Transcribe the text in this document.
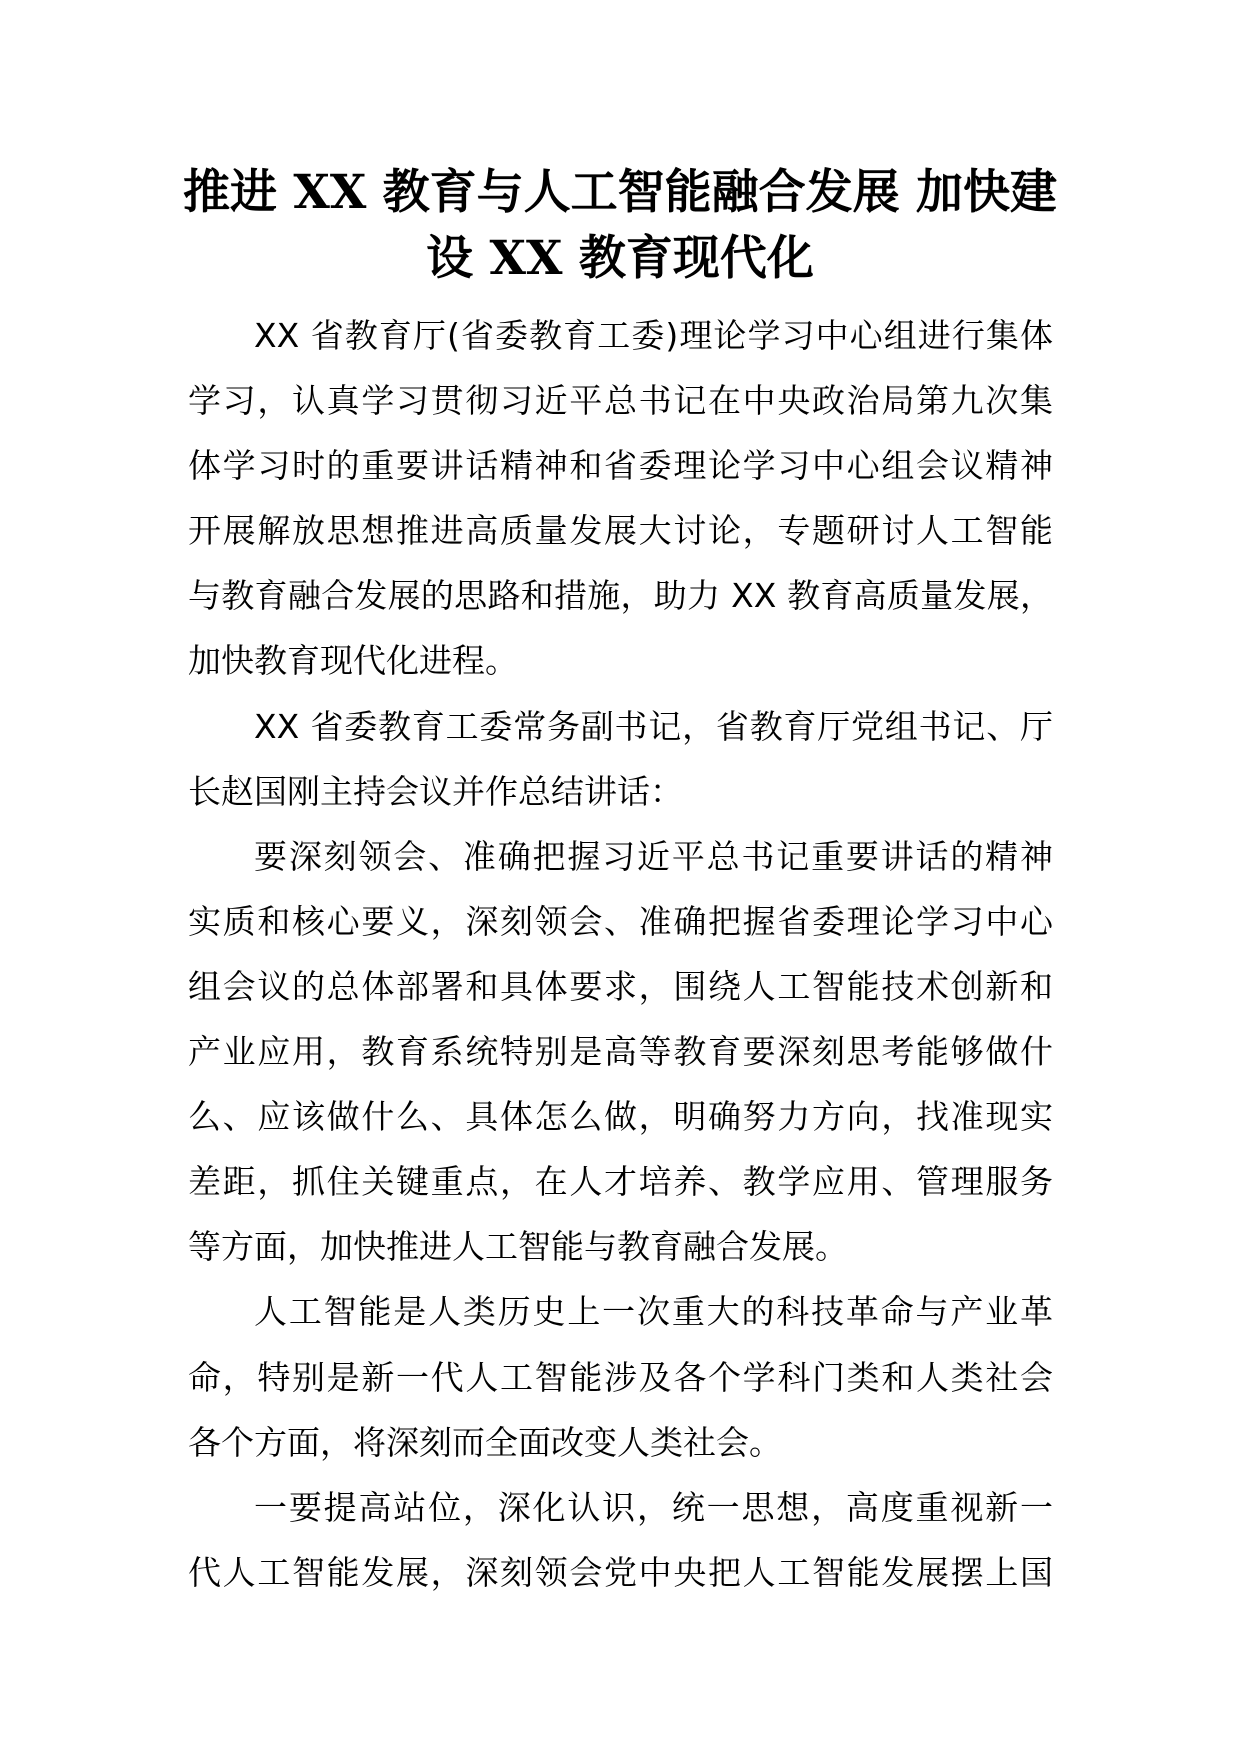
推进 XX 教育与人工智能融合发展 加快建
设 XX 教育现代化

XX 省教育厅(省委教育工委)理论学习中心组进行集体
学习，认真学习贯彻习近平总书记在中央政治局第九次集
体学习时的重要讲话精神和省委理论学习中心组会议精神
开展解放思想推进高质量发展大讨论，专题研讨人工智能
与教育融合发展的思路和措施，助力 XX 教育高质量发展，
加快教育现代化进程。

XX 省委教育工委常务副书记，省教育厅党组书记、厅
长赵国刚主持会议并作总结讲话：

要深刻领会、准确把握习近平总书记重要讲话的精神
实质和核心要义，深刻领会、准确把握省委理论学习中心
组会议的总体部署和具体要求，围绕人工智能技术创新和
产业应用，教育系统特别是高等教育要深刻思考能够做什
么、应该做什么、具体怎么做，明确努力方向，找准现实
差距，抓住关键重点，在人才培养、教学应用、管理服务
等方面，加快推进人工智能与教育融合发展。

人工智能是人类历史上一次重大的科技革命与产业革
命，特别是新一代人工智能涉及各个学科门类和人类社会
各个方面，将深刻而全面改变人类社会。

一要提高站位，深化认识，统一思想，高度重视新一
代人工智能发展，深刻领会党中央把人工智能发展摆上国
